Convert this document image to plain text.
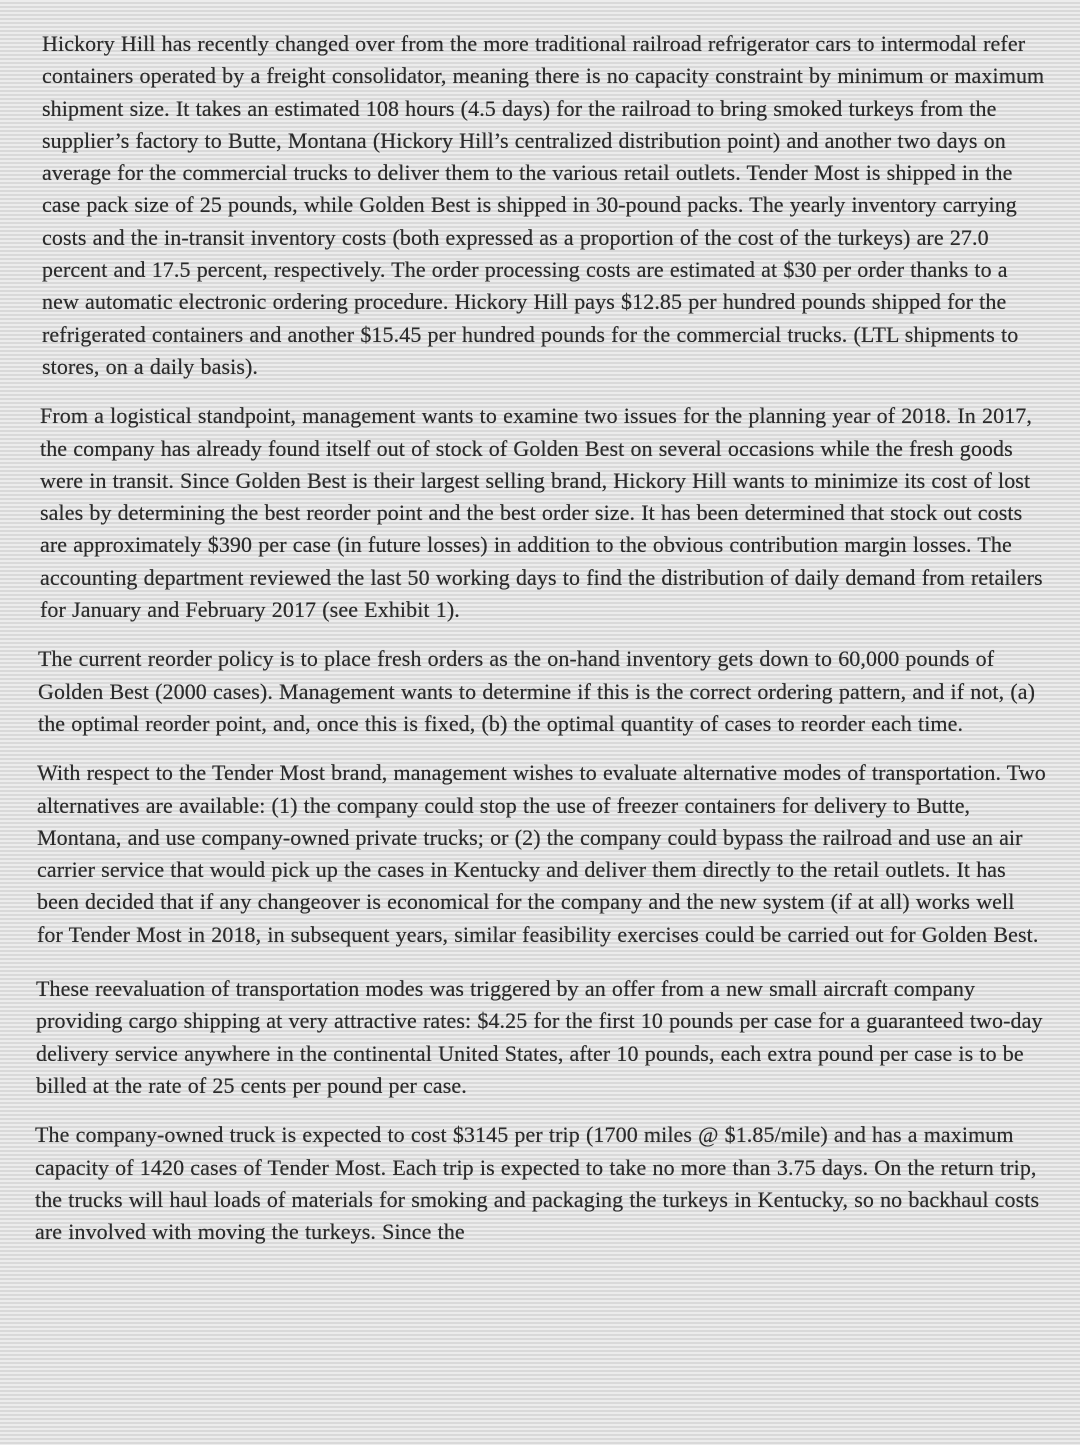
Hickory Hill has recently changed over from the more traditional railroad refrigerator cars to intermodal refer containers operated by a freight consolidator, meaning there is no capacity constraint by minimum or maximum shipment size. It takes an estimated 108 hours (4.5 days) for the railroad to bring smoked turkeys from the supplier’s factory to Butte, Montana (Hickory Hill’s centralized distribution point) and another two days on average for the commercial trucks to deliver them to the various retail outlets. Tender Most is shipped in the case pack size of 25 pounds, while Golden Best is shipped in 30-pound packs. The yearly inventory carrying costs and the in-transit inventory costs (both expressed as a proportion of the cost of the turkeys) are 27.0 percent and 17.5 percent, respectively. The order processing costs are estimated at $30 per order thanks to a new automatic electronic ordering procedure. Hickory Hill pays $12.85 per hundred pounds shipped for the refrigerated containers and another $15.45 per hundred pounds for the commercial trucks. (LTL shipments to stores, on a daily basis).

From a logistical standpoint, management wants to examine two issues for the planning year of 2018. In 2017, the company has already found itself out of stock of Golden Best on several occasions while the fresh goods were in transit. Since Golden Best is their largest selling brand, Hickory Hill wants to minimize its cost of lost sales by determining the best reorder point and the best order size. It has been determined that stock out costs are approximately $390 per case (in future losses) in addition to the obvious contribution margin losses. The accounting department reviewed the last 50 working days to find the distribution of daily demand from retailers for January and February 2017 (see Exhibit 1).

The current reorder policy is to place fresh orders as the on-hand inventory gets down to 60,000 pounds of Golden Best (2000 cases). Management wants to determine if this is the correct ordering pattern, and if not, (a) the optimal reorder point, and, once this is fixed, (b) the optimal quantity of cases to reorder each time.

With respect to the Tender Most brand, management wishes to evaluate alternative modes of transportation. Two alternatives are available: (1) the company could stop the use of freezer containers for delivery to Butte, Montana, and use company-owned private trucks; or (2) the company could bypass the railroad and use an air carrier service that would pick up the cases in Kentucky and deliver them directly to the retail outlets. It has been decided that if any changeover is economical for the company and the new system (if at all) works well for Tender Most in 2018, in subsequent years, similar feasibility exercises could be carried out for Golden Best.

These reevaluation of transportation modes was triggered by an offer from a new small aircraft company providing cargo shipping at very attractive rates: $4.25 for the first 10 pounds per case for a guaranteed two-day delivery service anywhere in the continental United States, after 10 pounds, each extra pound per case is to be billed at the rate of 25 cents per pound per case.

The company-owned truck is expected to cost $3145 per trip (1700 miles @ $1.85/mile) and has a maximum capacity of 1420 cases of Tender Most. Each trip is expected to take no more than 3.75 days. On the return trip, the trucks will haul loads of materials for smoking and packaging the turkeys in Kentucky, so no backhaul costs are involved with moving the turkeys. Since the
